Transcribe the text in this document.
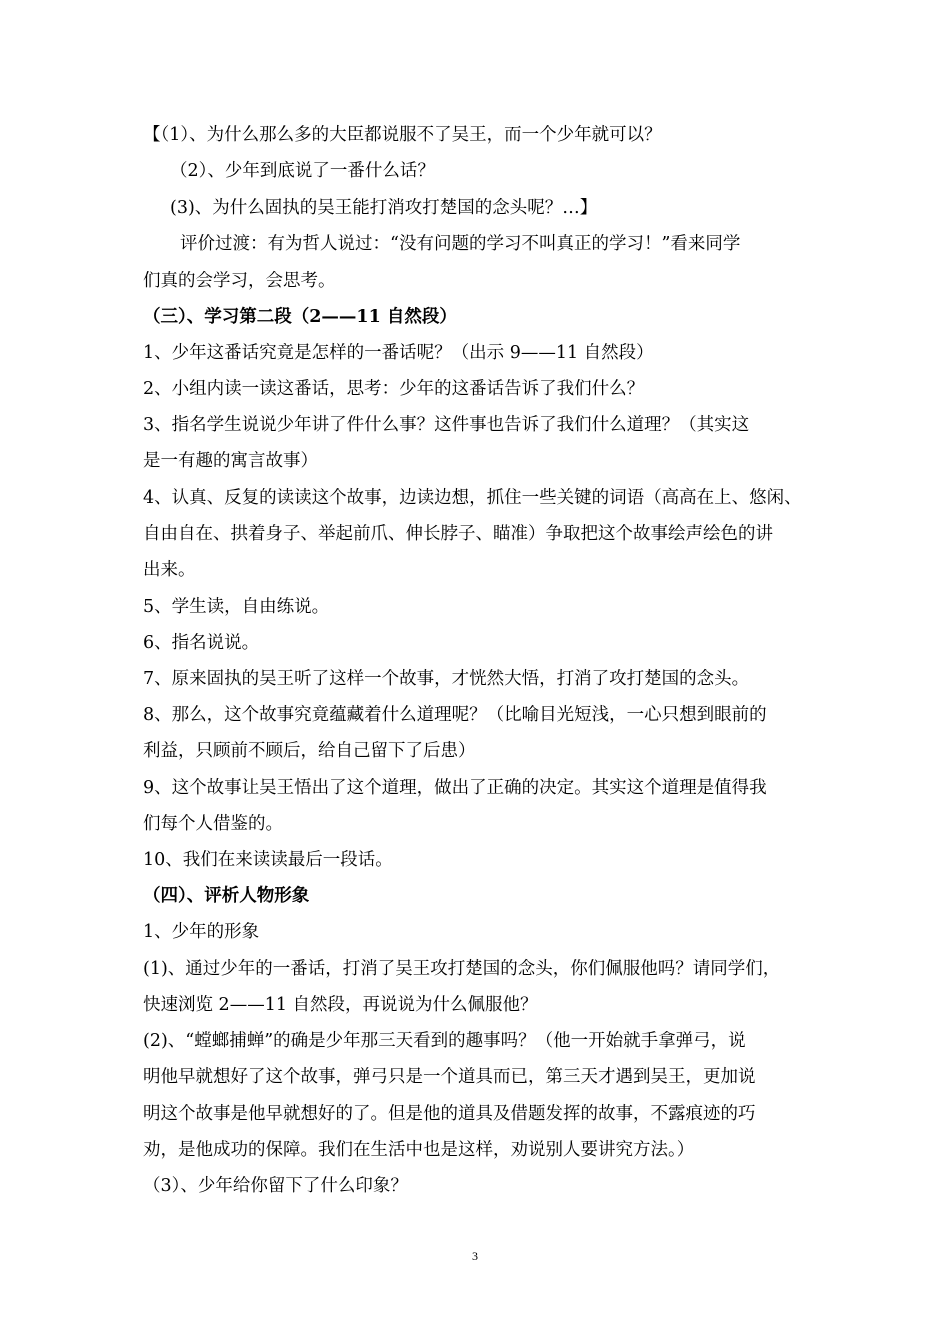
【（1）、为什么那么多的大臣都说服不了吴王，而一个少年就可以？
（2）、少年到底说了一番什么话？
(3)、为什么固执的吴王能打消攻打楚国的念头呢？…】
评价过渡：有为哲人说过：“没有问题的学习不叫真正的学习！”看来同学
们真的会学习，会思考。
（三）、学习第二段（2——11 自然段）
1、少年这番话究竟是怎样的一番话呢？（出示 9——11 自然段）
2、小组内读一读这番话，思考：少年的这番话告诉了我们什么？
3、指名学生说说少年讲了件什么事？这件事也告诉了我们什么道理？（其实这
是一有趣的寓言故事）
4、认真、反复的读读这个故事，边读边想，抓住一些关键的词语（高高在上、悠闲、
自由自在、拱着身子、举起前爪、伸长脖子、瞄准）争取把这个故事绘声绘色的讲
出来。
5、学生读，自由练说。
6、指名说说。
7、原来固执的吴王听了这样一个故事，才恍然大悟，打消了攻打楚国的念头。
8、那么，这个故事究竟蕴藏着什么道理呢？（比喻目光短浅，一心只想到眼前的
利益，只顾前不顾后，给自己留下了后患）
9、这个故事让吴王悟出了这个道理，做出了正确的决定。其实这个道理是值得我
们每个人借鉴的。
10、我们在来读读最后一段话。
（四）、评析人物形象
1、少年的形象
(1)、通过少年的一番话，打消了吴王攻打楚国的念头，你们佩服他吗？请同学们，
快速浏览 2——11 自然段，再说说为什么佩服他？
(2)、“螳螂捕蝉”的确是少年那三天看到的趣事吗？（他一开始就手拿弹弓，说
明他早就想好了这个故事，弹弓只是一个道具而已，第三天才遇到吴王，更加说
明这个故事是他早就想好的了。但是他的道具及借题发挥的故事，不露痕迹的巧
劝，是他成功的保障。我们在生活中也是这样，劝说别人要讲究方法。）
（3）、少年给你留下了什么印象？
3
